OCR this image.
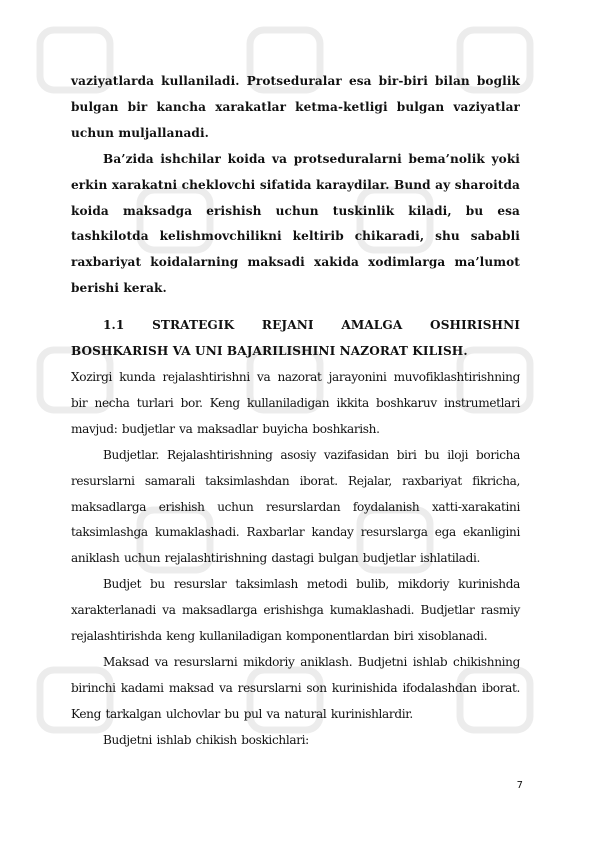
vaziyatlarda kullaniladi. Protseduralar esa bir-biri bilan boglik bulgan bir kancha xarakatlar ketma-ketligi bulgan vaziyatlar uchun muljallanadi.

Ba’zida ishchilar koida va protseduralarni bema’nolik yoki erkin xarakatni cheklovchi sifatida karaydilar. Bund ay sharoitda koida maksadga erishish uchun tuskinlik kiladi, bu esa tashkilotda kelishmovchilikni keltirib chikaradi, shu sababli raxbariyat koidalarning maksadi xakida xodimlarga ma’lumot berishi kerak.

1.1 STRATEGIK REJANI AMALGA OSHIRISHNI BOSHKARISH VA UNI BAJARILISHINI NAZORAT KILISH.

Xozirgi kunda rejalashtirishni va nazorat jarayonini muvofiklashtirishning bir necha turlari bor. Keng kullaniladigan ikkita boshkaruv instrumetlari mavjud: budjetlar va maksadlar buyicha boshkarish.

Budjetlar. Rejalashtirishning asosiy vazifasidan biri bu iloji boricha resurslarni samarali taksimlashdan iborat. Rejalar, raxbariyat fikricha, maksadlarga erishish uchun resurslardan foydalanish xatti-xarakatini taksimlashga kumaklashadi. Raxbarlar kanday resurslarga ega ekanligini aniklash uchun rejalashtirishning dastagi bulgan budjetlar ishlatiladi.

Budjet bu resurslar taksimlash metodi bulib, mikdoriy kurinishda xarakterlanadi va maksadlarga erishishga kumaklashadi. Budjetlar rasmiy rejalashtirishda keng kullaniladigan komponentlardan biri xisoblanadi.

Maksad va resurslarni mikdoriy aniklash. Budjetni ishlab chikishning birinchi kadami maksad va resurslarni son kurinishida ifodalashdan iborat. Keng tarkalgan ulchovlar bu pul va natural kurinishlardir.

Budjetni ishlab chikish boskichlari:

7
